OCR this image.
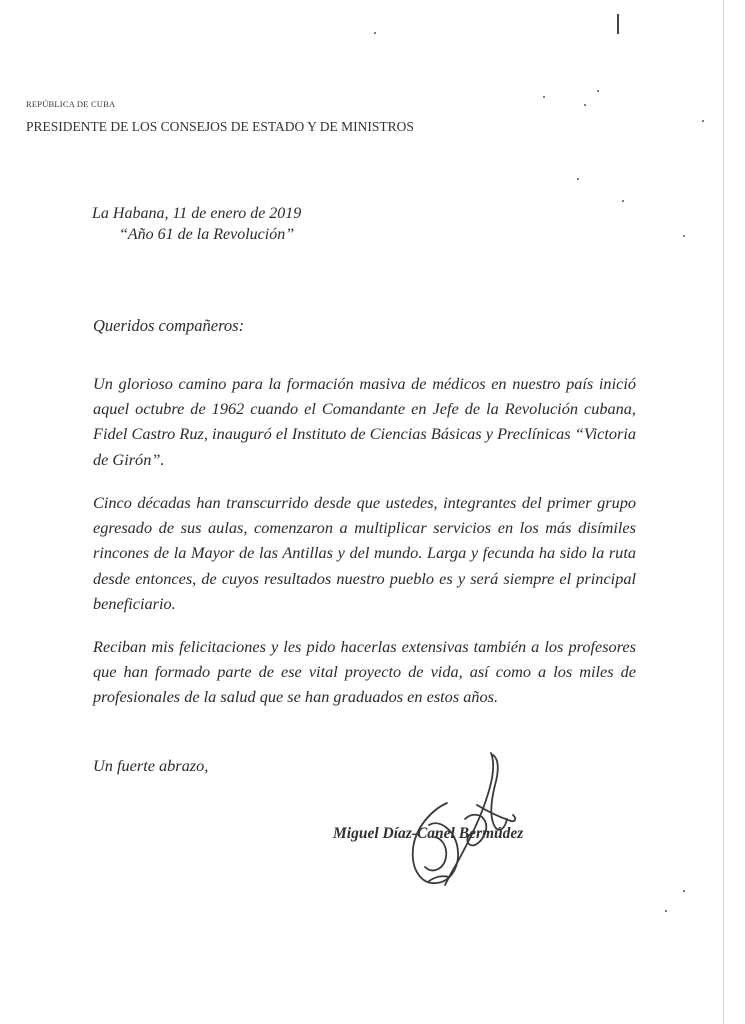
REPÚBLICA DE CUBA
PRESIDENTE DE LOS CONSEJOS DE ESTADO Y DE MINISTROS
La Habana, 11 de enero de 2019
“Año 61 de la Revolución”
Queridos compañeros:

Un glorioso camino para la formación masiva de médicos en nuestro país inició aquel octubre de 1962 cuando el Comandante en Jefe de la Revolución cubana, Fidel Castro Ruz, inauguró el Instituto de Ciencias Básicas y Preclínicas “Victoria de Girón”.

Cinco décadas han transcurrido desde que ustedes, integrantes del primer grupo egresado de sus aulas, comenzaron a multiplicar servicios en los más disímiles rincones de la Mayor de las Antillas y del mundo. Larga y fecunda ha sido la ruta desde entonces, de cuyos resultados nuestro pueblo es y será siempre el principal beneficiario.

Reciban mis felicitaciones y les pido hacerlas extensivas también a los profesores que han formado parte de ese vital proyecto de vida, así como a los miles de profesionales de la salud que se han graduados en estos años.

Un fuerte abrazo,
Miguel Díaz-Canel Bermúdez
